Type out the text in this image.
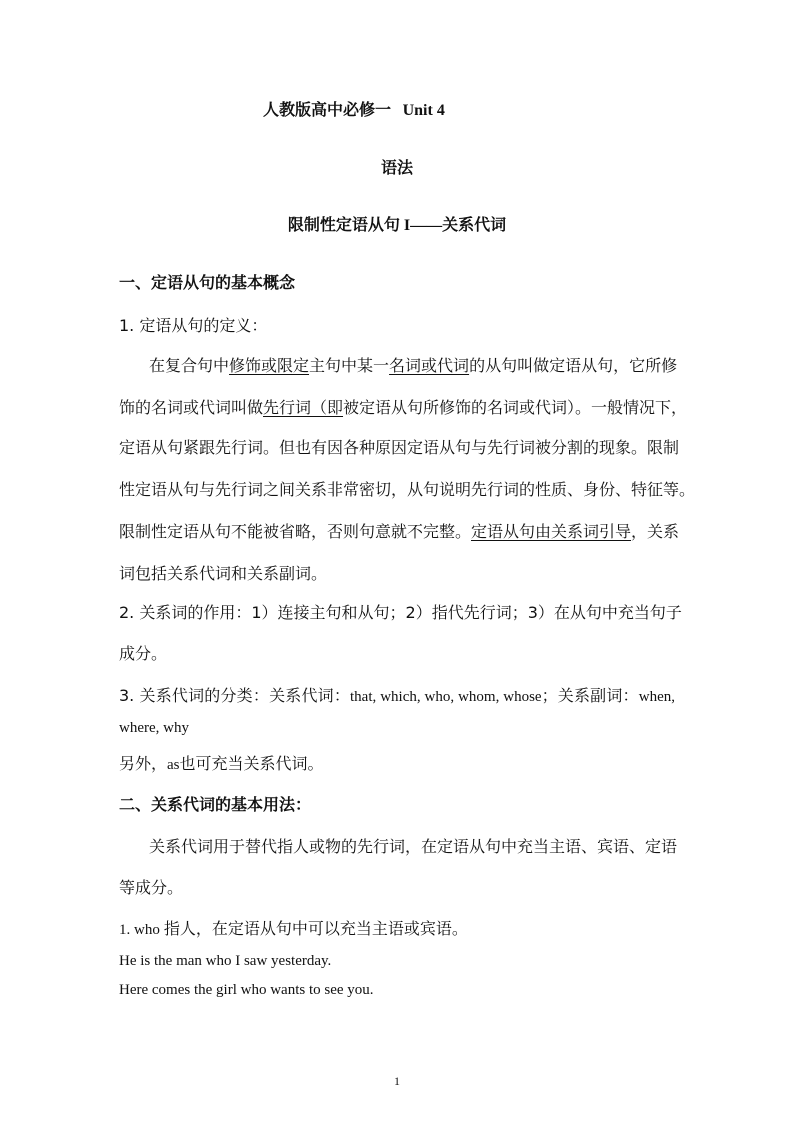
人教版高中必修一 Unit 4
语法
限制性定语从句 I——关系代词
一、定语从句的基本概念
1. 定语从句的定义：
在复合句中修饰或限定主句中某一名词或代词的从句叫做定语从句，它所修
饰的名词或代词叫做先行词（即被定语从句所修饰的名词或代词）。一般情况下，
定语从句紧跟先行词。但也有因各种原因定语从句与先行词被分割的现象。限制
性定语从句与先行词之间关系非常密切，从句说明先行词的性质、身份、特征等。
限制性定语从句不能被省略，否则句意就不完整。定语从句由关系词引导，关系
词包括关系代词和关系副词。
2. 关系词的作用：1）连接主句和从句；2）指代先行词；3）在从句中充当句子
成分。
3. 关系代词的分类：关系代词：that, which, who, whom, whose；关系副词：when,
where, why
另外，as也可充当关系代词。
二、关系代词的基本用法：
关系代词用于替代指人或物的先行词，在定语从句中充当主语、宾语、定语
等成分。
1. who 指人，在定语从句中可以充当主语或宾语。
He is the man who I saw yesterday.
Here comes the girl who wants to see you.
1
